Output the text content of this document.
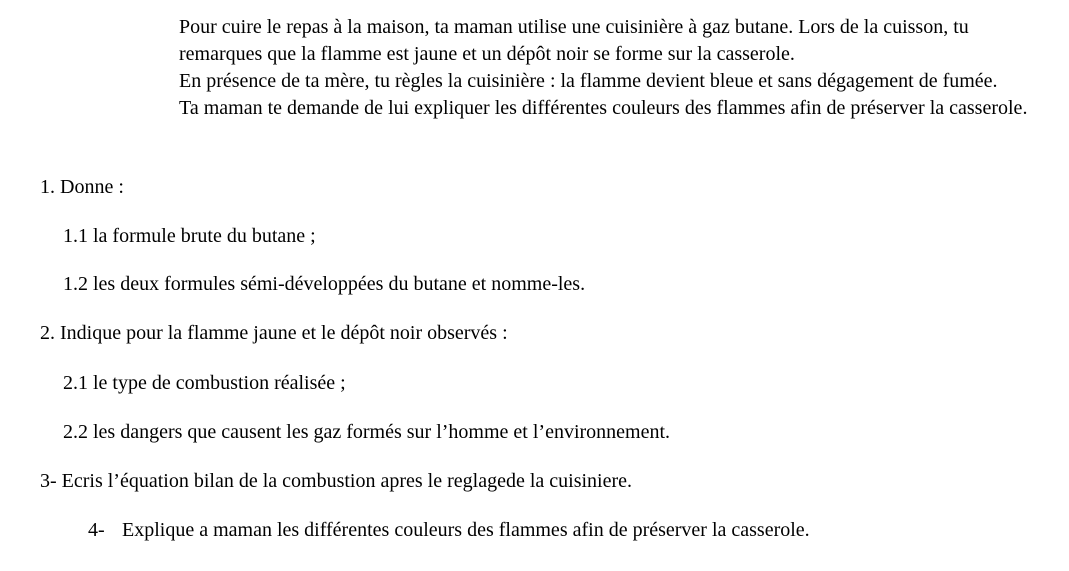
Pour cuire le repas à la maison, ta maman utilise une cuisinière à gaz butane. Lors de la cuisson, tu remarques que la flamme est jaune et un dépôt noir se forme sur la casserole.

En présence de ta mère, tu règles la cuisinière : la flamme devient bleue et sans dégagement de fumée.

Ta maman te demande de lui expliquer les différentes couleurs des flammes afin de préserver la casserole.

1. Donne :
1.1 la formule brute du butane ;
1.2 les deux formules sémi-développées du butane et nomme-les.
2. Indique pour la flamme jaune et le dépôt noir observés :
2.1 le type de combustion réalisée ;
2.2 les dangers que causent les gaz formés sur l’homme et l’environnement.
3- Ecris l’équation bilan de la combustion apres le reglagede la cuisiniere.
4- Explique a maman les différentes couleurs des flammes afin de préserver la casserole.
